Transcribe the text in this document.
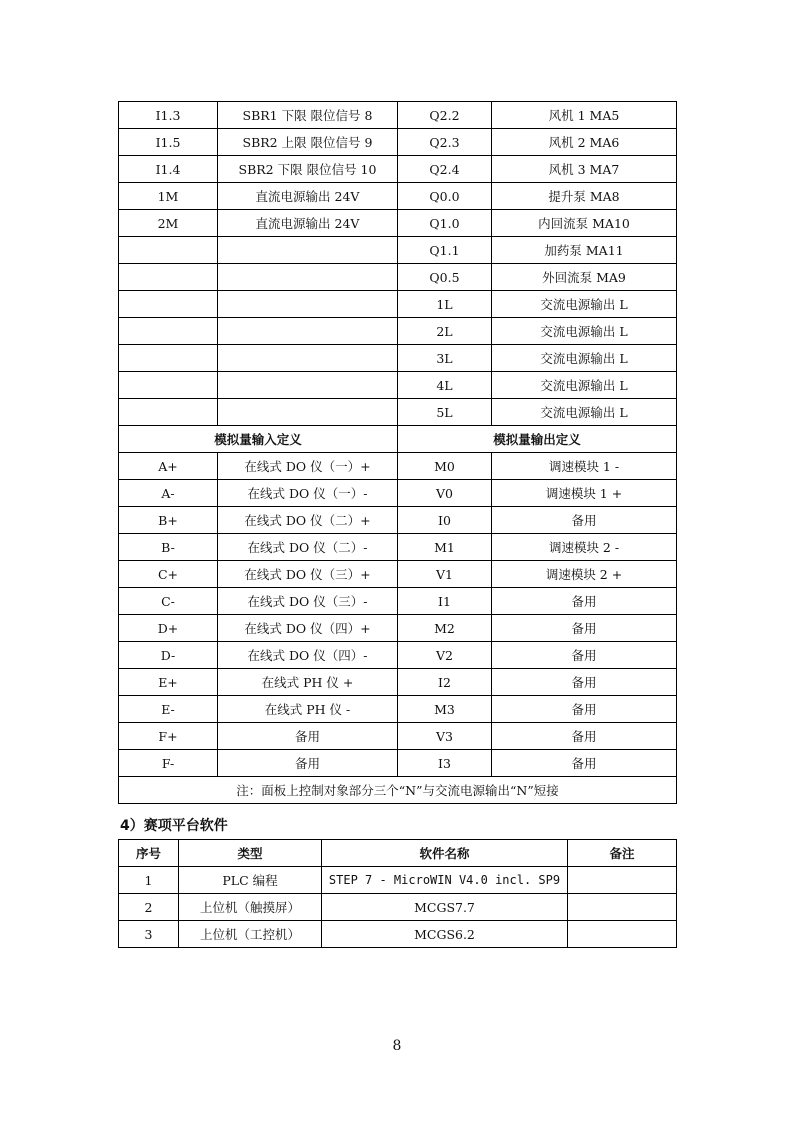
I1.3	SBR1 下限 限位信号 8	Q2.2	风机 1 MA5
I1.5	SBR2 上限 限位信号 9	Q2.3	风机 2 MA6
I1.4	SBR2 下限 限位信号 10	Q2.4	风机 3 MA7
1M	直流电源输出 24V	Q0.0	提升泵 MA8
2M	直流电源输出 24V	Q1.0	内回流泵 MA10
		Q1.1	加药泵 MA11
		Q0.5	外回流泵 MA9
		1L	交流电源输出 L
		2L	交流电源输出 L
		3L	交流电源输出 L
		4L	交流电源输出 L
		5L	交流电源输出 L
模拟量输入定义		模拟量输出定义	
A+	在线式 DO 仪（一）+	M0	调速模块 1 -
A-	在线式 DO 仪（一）-	V0	调速模块 1 +
B+	在线式 DO 仪（二）+	I0	备用
B-	在线式 DO 仪（二）-	M1	调速模块 2 -
C+	在线式 DO 仪（三）+	V1	调速模块 2 +
C-	在线式 DO 仪（三）-	I1	备用
D+	在线式 DO 仪（四）+	M2	备用
D-	在线式 DO 仪（四）-	V2	备用
E+	在线式 PH 仪 +	I2	备用
E-	在线式 PH 仪 -	M3	备用
F+	备用	V3	备用
F-	备用	I3	备用
注：面板上控制对象部分三个“N”与交流电源输出“N”短接			
4）赛项平台软件
序号	类型	软件名称	备注
1	PLC 编程	STEP 7 - MicroWIN V4.0 incl. SP9	
2	上位机（触摸屏）	MCGS7.7	
3	上位机（工控机）	MCGS6.2	
8
